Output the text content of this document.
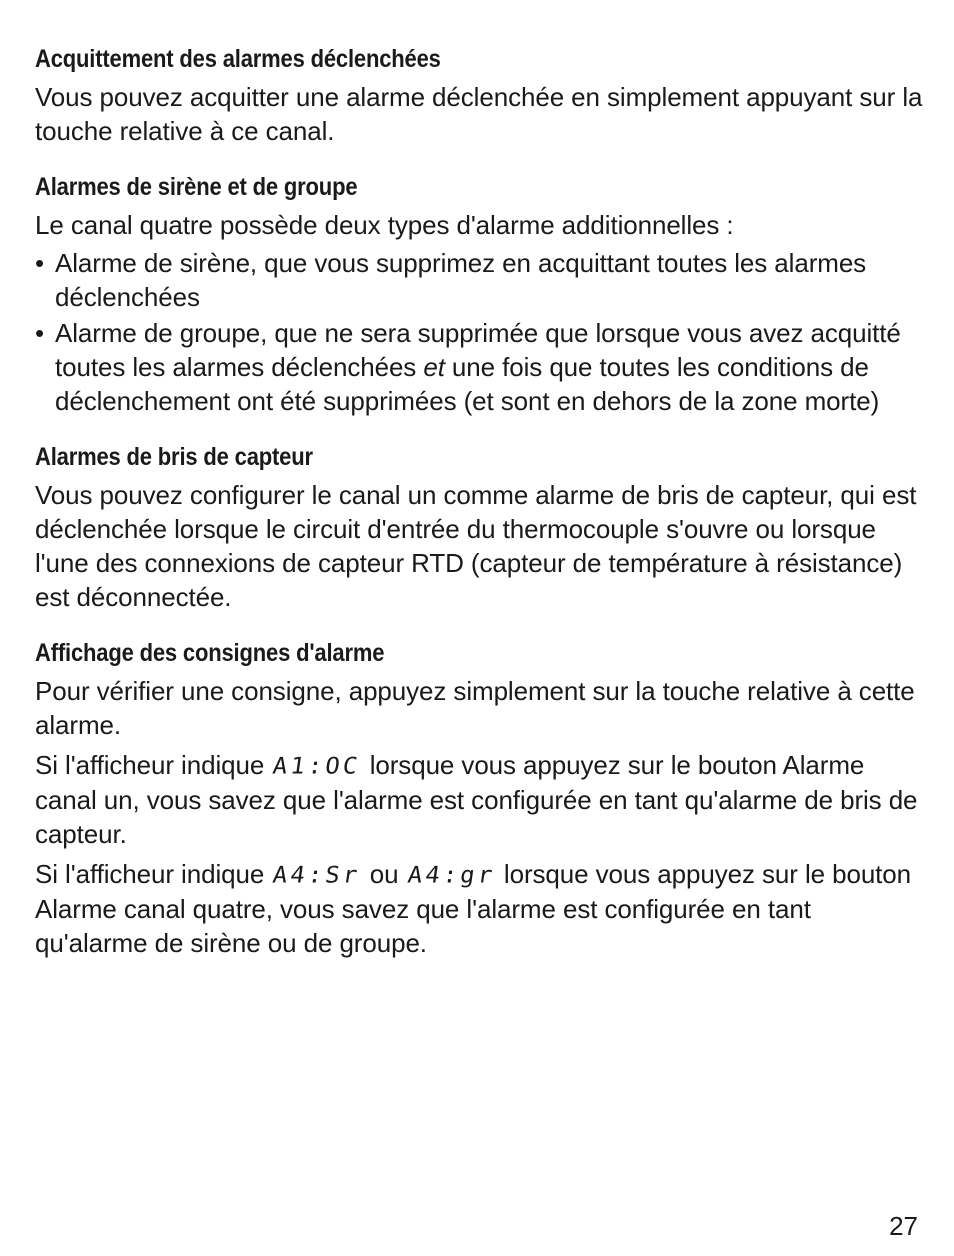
Acquittement des alarmes déclenchées

Vous pouvez acquitter une alarme déclenchée en simplement appuyant sur la touche relative à ce canal.

Alarmes de sirène et de groupe

Le canal quatre possède deux types d'alarme additionnelles :

• Alarme de sirène, que vous supprimez en acquittant toutes les alarmes déclenchées
• Alarme de groupe, que ne sera supprimée que lorsque vous avez acquitté toutes les alarmes déclenchées et une fois que toutes les conditions de déclenchement ont été supprimées (et sont en dehors de la zone morte)
Alarmes de bris de capteur

Vous pouvez configurer le canal un comme alarme de bris de capteur, qui est déclenchée lorsque le circuit d'entrée du thermocouple s'ouvre ou lorsque l'une des connexions de capteur RTD (capteur de température à résistance) est déconnectée.

Affichage des consignes d'alarme

Pour vérifier une consigne, appuyez simplement sur la touche relative à cette alarme.

Si l'afficheur indique A1:OC lorsque vous appuyez sur le bouton Alarme canal un, vous savez que l'alarme est configurée en tant qu'alarme de bris de capteur.

Si l'afficheur indique A4:Sr ou A4:gr lorsque vous appuyez sur le bouton Alarme canal quatre, vous savez que l'alarme est configurée en tant qu'alarme de sirène ou de groupe.

27
